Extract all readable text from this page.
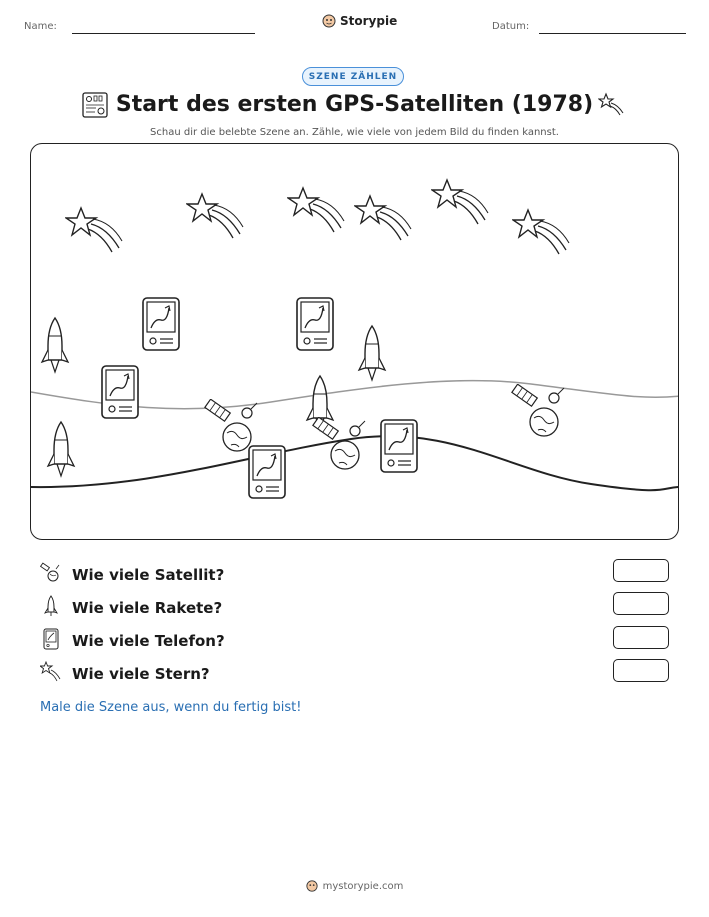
Name:	Storypie	Datum:
SZENE ZÄHLEN
Start des ersten GPS-Satelliten (1978)
Schau dir die belebte Szene an. Zähle, wie viele von jedem Bild du finden kannst.
Wie viele Satellit?
Wie viele Rakete?
Wie viele Telefon?
Wie viele Stern?
Male die Szene aus, wenn du fertig bist!
mystorypie.com
